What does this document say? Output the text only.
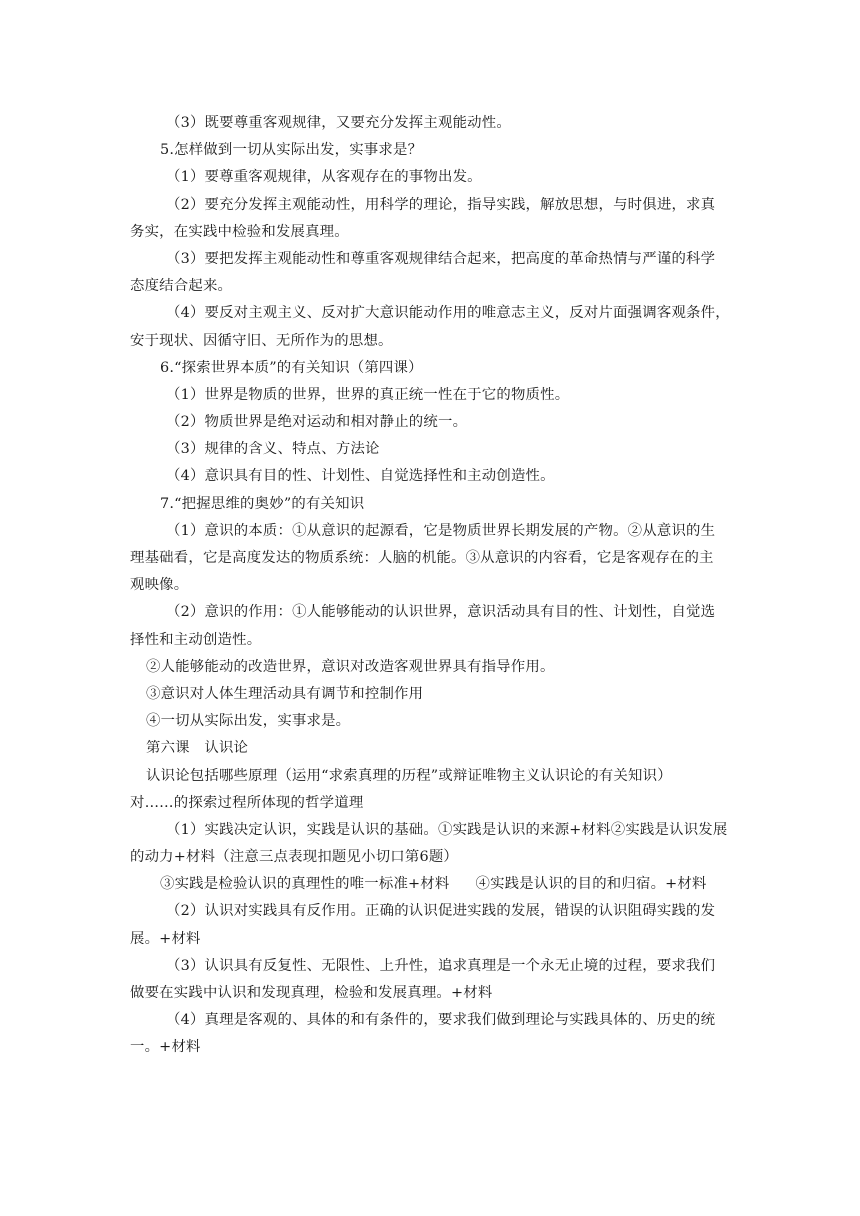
（3）既要尊重客观规律，又要充分发挥主观能动性。
5.怎样做到一切从实际出发，实事求是？
（1）要尊重客观规律，从客观存在的事物出发。
（2）要充分发挥主观能动性，用科学的理论，指导实践，解放思想，与时俱进，求真
务实，在实践中检验和发展真理。
（3）要把发挥主观能动性和尊重客观规律结合起来，把高度的革命热情与严谨的科学
态度结合起来。
（4）要反对主观主义、反对扩大意识能动作用的唯意志主义，反对片面强调客观条件，
安于现状、因循守旧、无所作为的思想。
6.“探索世界本质”的有关知识（第四课）
（1）世界是物质的世界，世界的真正统一性在于它的物质性。
（2）物质世界是绝对运动和相对静止的统一。
（3）规律的含义、特点、方法论
（4）意识具有目的性、计划性、自觉选择性和主动创造性。
7.“把握思维的奥妙”的有关知识
（1）意识的本质：①从意识的起源看，它是物质世界长期发展的产物。②从意识的生
理基础看，它是高度发达的物质系统：人脑的机能。③从意识的内容看，它是客观存在的主
观映像。
（2）意识的作用：①人能够能动的认识世界，意识活动具有目的性、计划性，自觉选
择性和主动创造性。
②人能够能动的改造世界，意识对改造客观世界具有指导作用。
③意识对人体生理活动具有调节和控制作用
④一切从实际出发，实事求是。
第六课　认识论
认识论包括哪些原理（运用“求索真理的历程”或辩证唯物主义认识论的有关知识）
对……的探索过程所体现的哲学道理
（1）实践决定认识，实践是认识的基础。①实践是认识的来源+材料②实践是认识发展
的动力+材料（注意三点表现扣题见小切口第6题）
③实践是检验认识的真理性的唯一标准+材料 ④实践是认识的目的和归宿。+材料
（2）认识对实践具有反作用。正确的认识促进实践的发展，错误的认识阻碍实践的发
展。+材料
（3）认识具有反复性、无限性、上升性，追求真理是一个永无止境的过程，要求我们
做要在实践中认识和发现真理，检验和发展真理。+材料
（4）真理是客观的、具体的和有条件的，要求我们做到理论与实践具体的、历史的统
一。+材料
